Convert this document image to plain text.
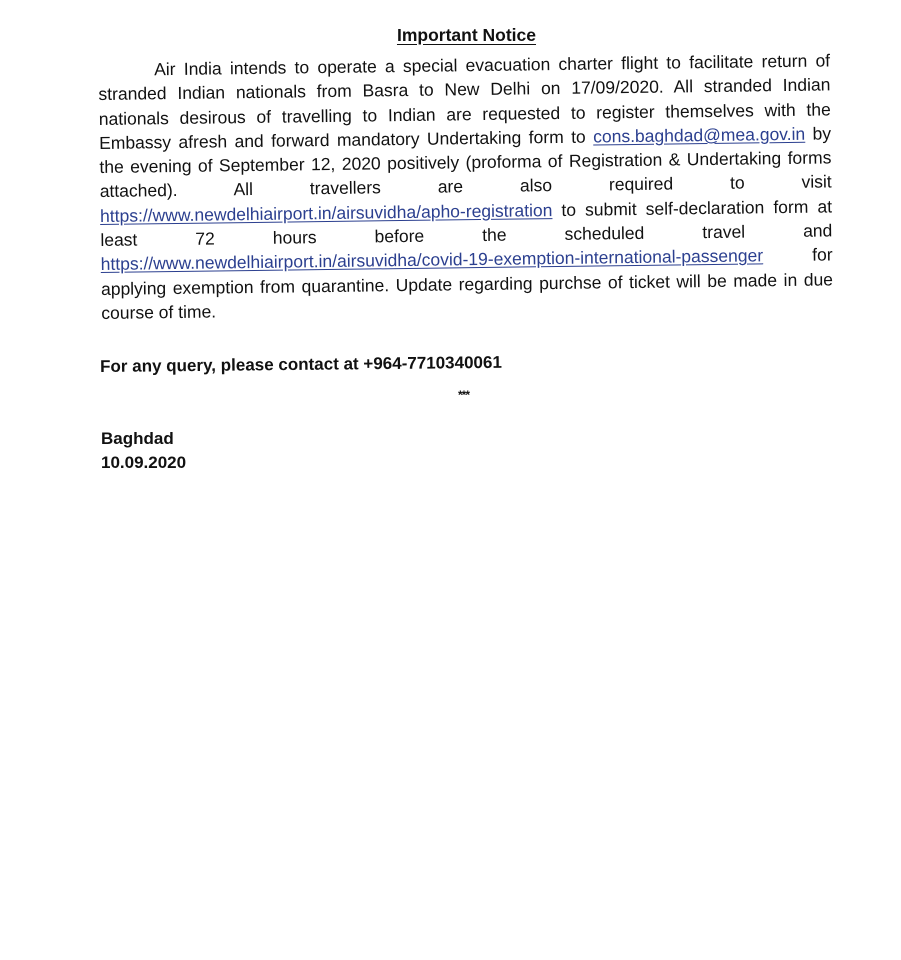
Important Notice

Air India intends to operate a special evacuation charter flight to facilitate return of stranded Indian nationals from Basra to New Delhi on 17/09/2020. All stranded Indian nationals desirous of travelling to Indian are requested to register themselves with the Embassy afresh and forward mandatory Undertaking form to cons.baghdad@mea.gov.in by the evening of September 12, 2020 positively (proforma of Registration & Undertaking forms attached). All travellers are also required to visit https://www.newdelhiairport.in/airsuvidha/apho-registration to submit self-declaration form at least 72 hours before the scheduled travel and https://www.newdelhiairport.in/airsuvidha/covid-19-exemption-international-passenger	for applying exemption from quarantine. Update regarding purchse of ticket will be made in due course of time.

For any query, please contact at +964-7710340061
***
Baghdad
10.09.2020
